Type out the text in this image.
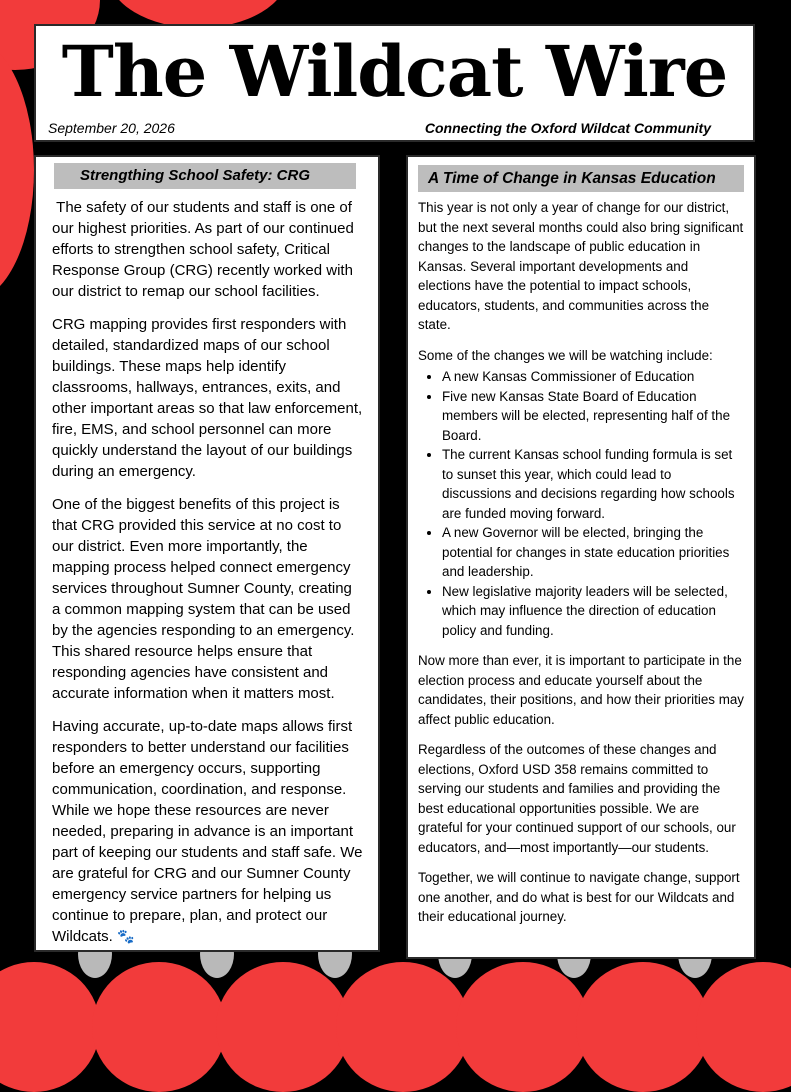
The Wildcat Wire
September 20, 2026	Connecting the Oxford Wildcat Community
Strengthing School Safety: CRG

The safety of our students and staff is one of our highest priorities. As part of our continued efforts to strengthen school safety, Critical Response Group (CRG) recently worked with our district to remap our school facilities.

CRG mapping provides first responders with detailed, standardized maps of our school buildings. These maps help identify classrooms, hallways, entrances, exits, and other important areas so that law enforcement, fire, EMS, and school personnel can more quickly understand the layout of our buildings during an emergency.

One of the biggest benefits of this project is that CRG provided this service at no cost to our district. Even more importantly, the mapping process helped connect emergency services throughout Sumner County, creating a common mapping system that can be used by the agencies responding to an emergency. This shared resource helps ensure that responding agencies have consistent and accurate information when it matters most.

Having accurate, up-to-date maps allows first responders to better understand our facilities before an emergency occurs, supporting communication, coordination, and response. While we hope these resources are never needed, preparing in advance is an important part of keeping our students and staff safe. We are grateful for CRG and our Sumner County emergency service partners for helping us continue to prepare, plan, and protect our Wildcats. 🐾

A Time of Change in Kansas Education

This year is not only a year of change for our district, but the next several months could also bring significant changes to the landscape of public education in Kansas. Several important developments and elections have the potential to impact schools, educators, students, and communities across the state.

Some of the changes we will be watching include:

• A new Kansas Commissioner of Education
• Five new Kansas State Board of Education members will be elected, representing half of the Board.
• The current Kansas school funding formula is set to sunset this year, which could lead to discussions and decisions regarding how schools are funded moving forward.
• A new Governor will be elected, bringing the potential for changes in state education priorities and leadership.
• New legislative majority leaders will be selected, which may influence the direction of education policy and funding.

Now more than ever, it is important to participate in the election process and educate yourself about the candidates, their positions, and how their priorities may affect public education.

Regardless of the outcomes of these changes and elections, Oxford USD 358 remains committed to serving our students and families and providing the best educational opportunities possible. We are grateful for your continued support of our schools, our educators, and—most importantly—our students.

Together, we will continue to navigate change, support one another, and do what is best for our Wildcats and their educational journey.
